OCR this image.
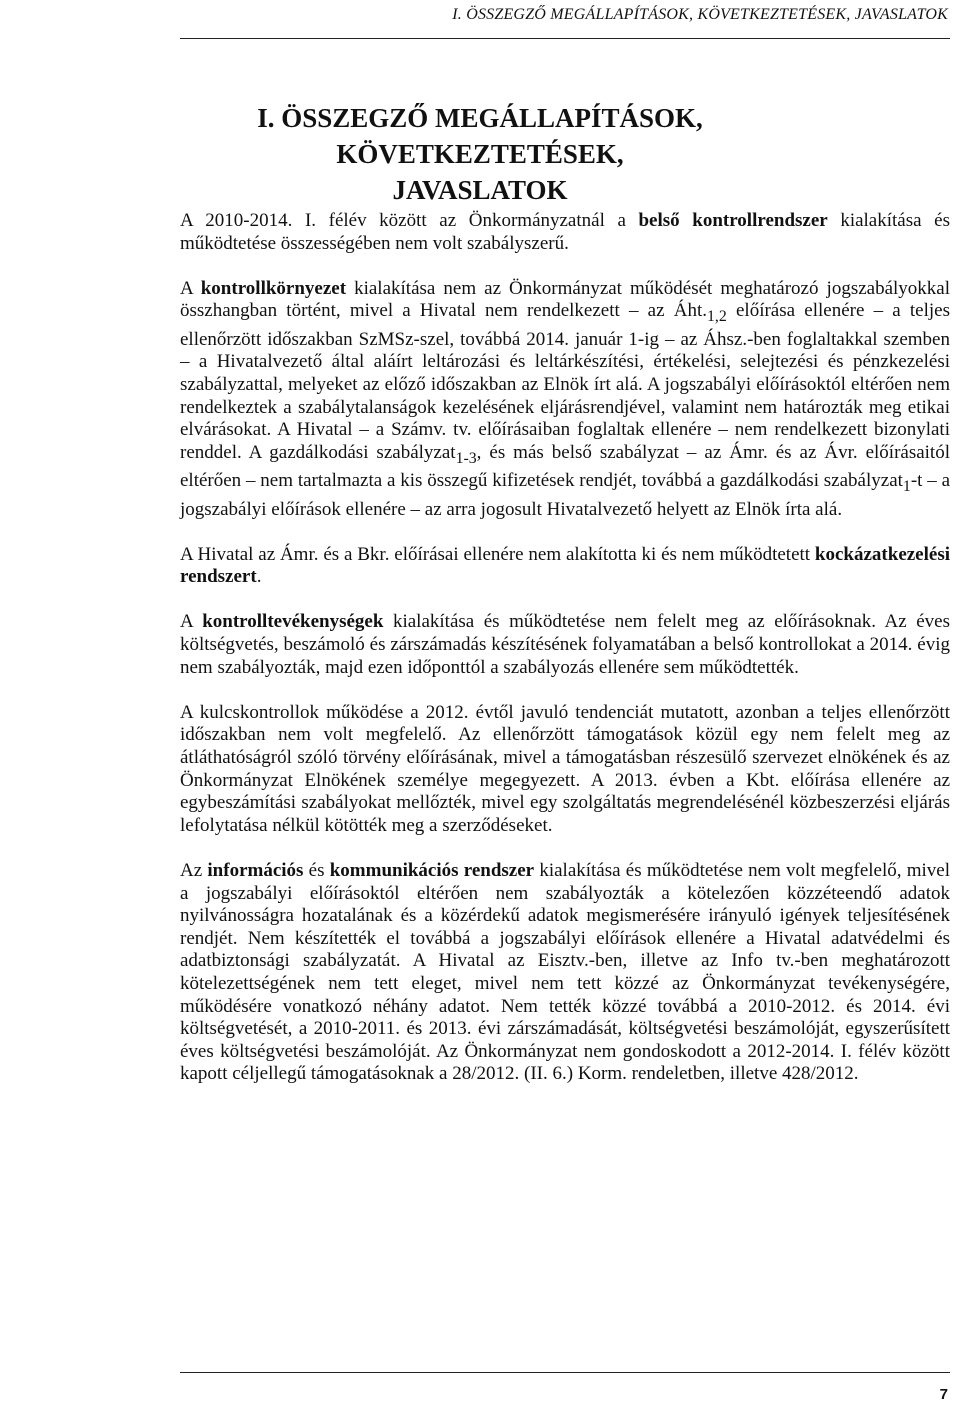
I. ÖSSZEGZŐ MEGÁLLAPÍTÁSOK, KÖVETKEZTETÉSEK, JAVASLATOK
I. ÖSSZEGZŐ MEGÁLLAPÍTÁSOK, KÖVETKEZTETÉSEK,
JAVASLATOK

A 2010-2014. I. félév között az Önkormányzatnál a belső kontrollrendszer kialakítása és működtetése összességében nem volt szabályszerű.

A kontrollkörnyezet kialakítása nem az Önkormányzat működését meghatározó jogszabályokkal összhangban történt, mivel a Hivatal nem rendelkezett – az $Áht._{1,2}$ előírása ellenére – a teljes ellenőrzött időszakban SzMSz-szel, továbbá 2014. január 1-ig – az Áhsz.-ben foglaltakkal szemben – a Hivatalvezető által aláírt leltározási és leltárkészítési, értékelési, selejtezési és pénzkezelési szabályzattal, melyeket az előző időszakban az Elnök írt alá. A jogszabályi előírásoktól eltérően nem rendelkeztek a szabálytalanságok kezelésének eljárásrendjével, valamint nem határozták meg etikai elvárásokat. A Hivatal – a Számv. tv. előírásaiban foglaltak ellenére – nem rendelkezett bizonylati renddel. A gazdálkodási szabályzat$_{1-3}$, és más belső szabályzat – az Ámr. és az Ávr. előírásaitól eltérően – nem tartalmazta a kis összegű kifizetések rendjét, továbbá a gazdálkodási szabályzat$_1$-t – a jogszabályi előírások ellenére – az arra jogosult Hivatalvezető helyett az Elnök írta alá.

A Hivatal az Ámr. és a Bkr. előírásai ellenére nem alakította ki és nem működtetett kockázatkezelési rendszert.

A kontrolltevékenységek kialakítása és működtetése nem felelt meg az előírásoknak. Az éves költségvetés, beszámoló és zárszámadás készítésének folyamatában a belső kontrollokat a 2014. évig nem szabályozták, majd ezen időponttól a szabályozás ellenére sem működtették.

A kulcskontrollok működése a 2012. évtől javuló tendenciát mutatott, azonban a teljes ellenőrzött időszakban nem volt megfelelő. Az ellenőrzött támogatások közül egy nem felelt meg az átláthatóságról szóló törvény előírásának, mivel a támogatásban részesülő szervezet elnökének és az Önkormányzat Elnökének személye megegyezett. A 2013. évben a Kbt. előírása ellenére az egybeszámítási szabályokat mellőzték, mivel egy szolgáltatás megrendelésénél közbeszerzési eljárás lefolytatása nélkül kötötték meg a szerződéseket.

Az információs és kommunikációs rendszer kialakítása és működtetése nem volt megfelelő, mivel a jogszabályi előírásoktól eltérően nem szabályozták a kötelezően közzéteendő adatok nyilvánosságra hozatalának és a közérdekű adatok megismerésére irányuló igények teljesítésének rendjét. Nem készítették el továbbá a jogszabályi előírások ellenére a Hivatal adatvédelmi és adatbiztonsági szabályzatát. A Hivatal az Eisztv.-ben, illetve az Info tv.-ben meghatározott kötelezettségének nem tett eleget, mivel nem tett közzé az Önkormányzat tevékenységére, működésére vonatkozó néhány adatot. Nem tették közzé továbbá a 2010-2012. és 2014. évi költségvetését, a 2010-2011. és 2013. évi zárszámadását, költségvetési beszámolóját, egyszerűsített éves költségvetési beszámolóját. Az Önkormányzat nem gondoskodott a 2012-2014. I. félév között kapott céljellegű támogatásoknak a 28/2012. (II. 6.) Korm. rendeletben, illetve 428/2012.

7
